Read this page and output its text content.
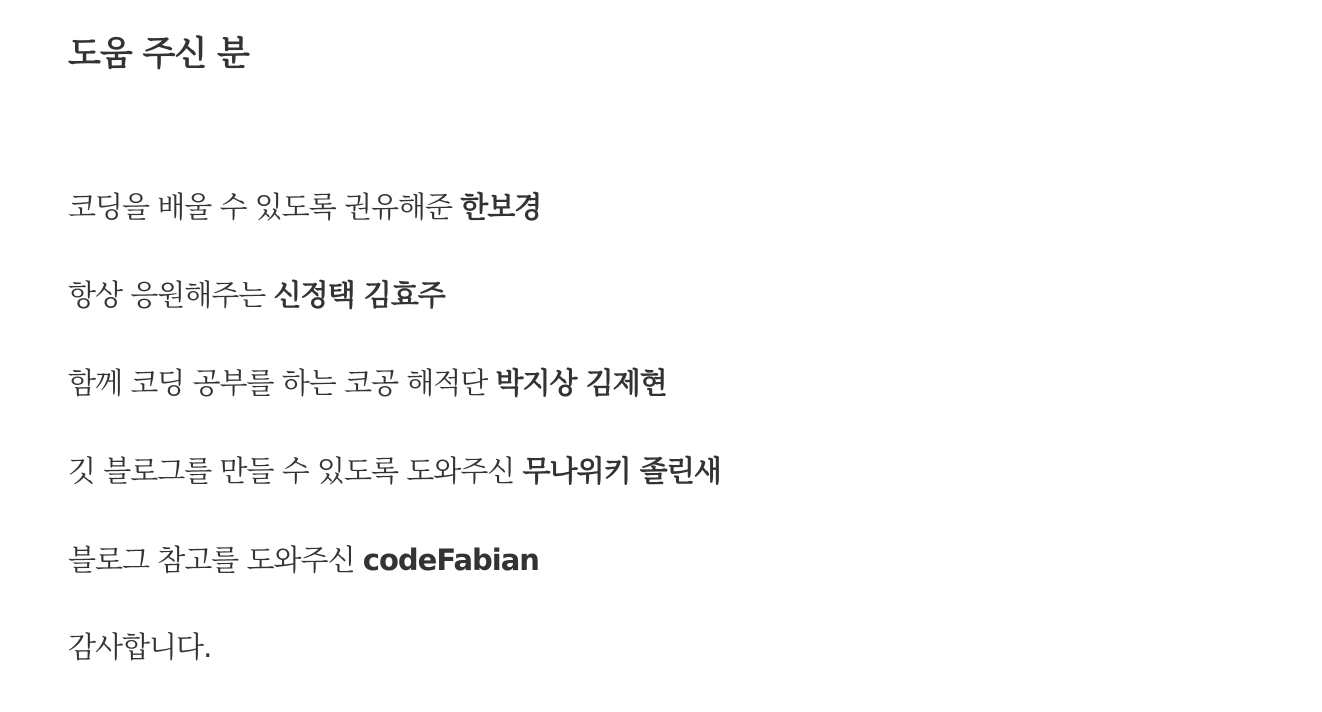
도움 주신 분

코딩을 배울 수 있도록 권유해준 한보경

항상 응원해주는 신정택 김효주

함께 코딩 공부를 하는 코공 해적단 박지상 김제현

깃 블로그를 만들 수 있도록 도와주신 무나위키 졸린새

블로그 참고를 도와주신 codeFabian

감사합니다.
